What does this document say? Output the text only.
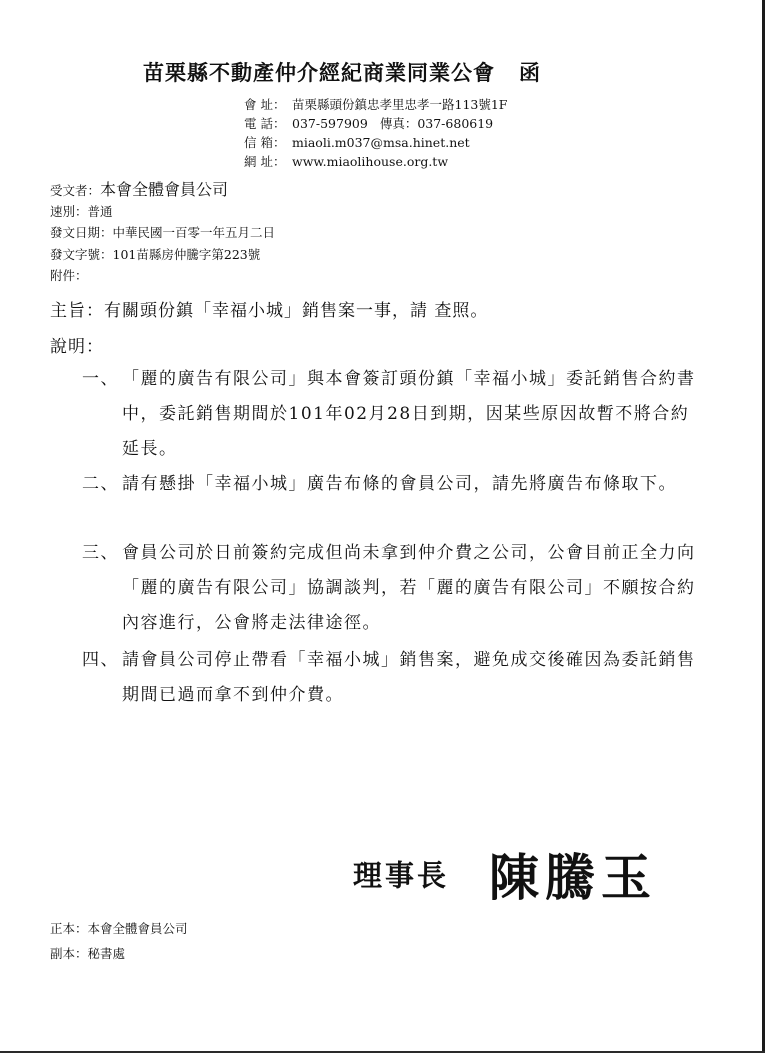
苗栗縣不動產仲介經紀商業同業公會 函
會 址： 苗栗縣頭份鎮忠孝里忠孝一路113號1F
電 話： 037-597909 傳真：037-680619
信 箱： miaoli.m037@msa.hinet.net
網 址： www.miaolihouse.org.tw
受文者：本會全體會員公司
速別：普通
發文日期：中華民國一百零一年五月二日
發文字號：101苗縣房仲騰字第223號
附件：
主旨：有關頭份鎮「幸福小城」銷售案一事，請 查照。
說明：
一、 「麗的廣告有限公司」與本會簽訂頭份鎮「幸福小城」委託銷售合約書中，委託銷售期間於101年02月28日到期，因某些原因故暫不將合約延長。
二、 請有懸掛「幸福小城」廣告布條的會員公司，請先將廣告布條取下。
三、 會員公司於日前簽約完成但尚未拿到仲介費之公司，公會目前正全力向「麗的廣告有限公司」協調談判，若「麗的廣告有限公司」不願按合約內容進行，公會將走法律途徑。
四、 請會員公司停止帶看「幸福小城」銷售案，避免成交後確因為委託銷售期間已過而拿不到仲介費。
理事長 陳騰玉
正本：本會全體會員公司
副本：秘書處
